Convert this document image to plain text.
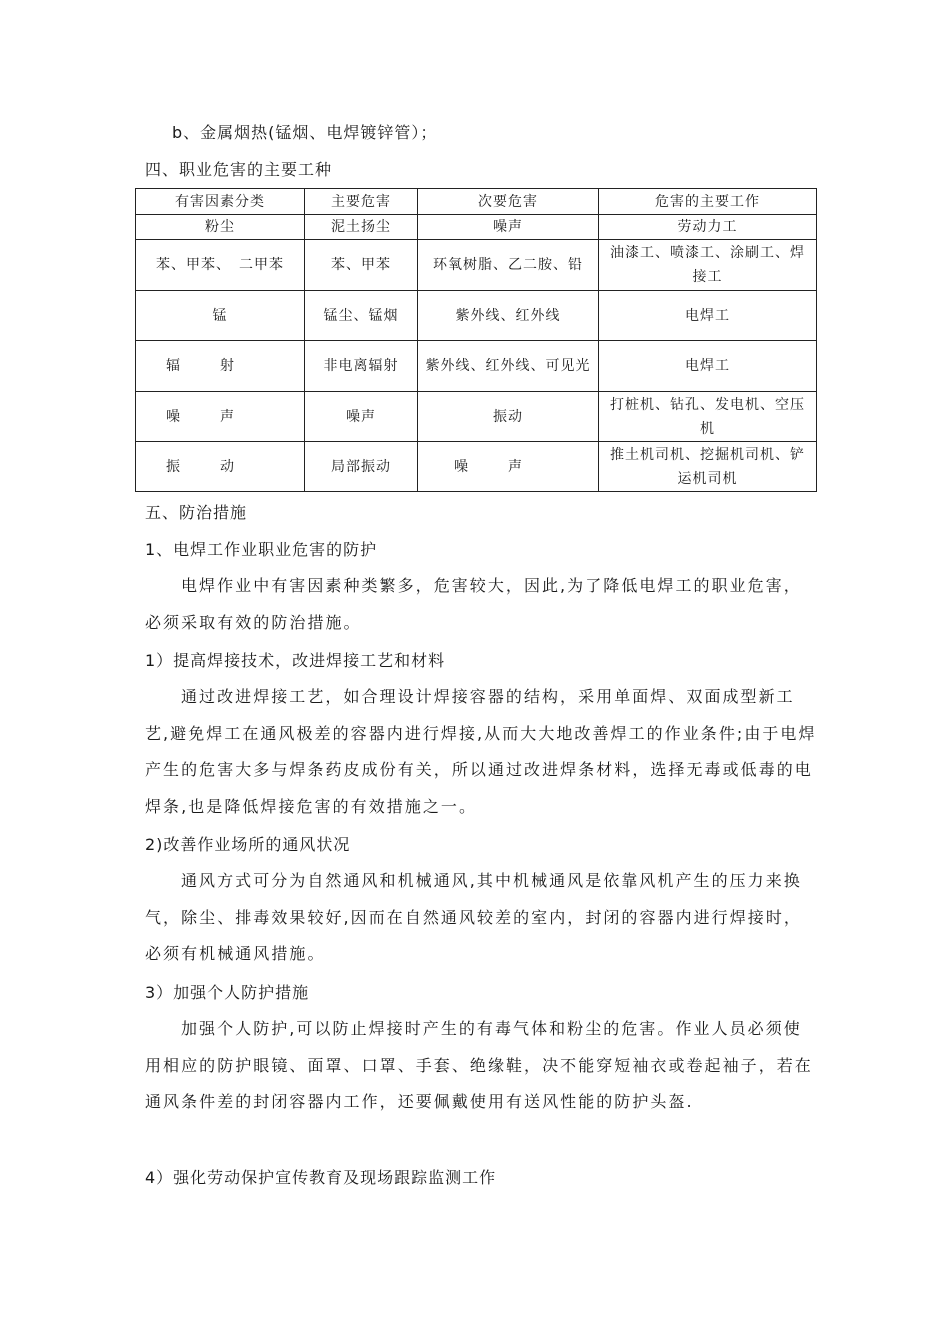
b、金属烟热(锰烟、电焊镀锌管）；
四、职业危害的主要工种
有害因素分类	主要危害	次要危害	危害的主要工作
粉尘	泥土扬尘	噪声	劳动力工
苯、甲苯、　二甲苯	苯、甲苯	环氧树脂、乙二胺、铅	油漆工、喷漆工、涂刷工、焊接工
锰	锰尘、锰烟	紫外线、红外线	电焊工
辐射	非电离辐射	紫外线、红外线、可见光	电焊工
噪声	噪声	振动	打桩机、钻孔、发电机、空压机
振动	局部振动	噪声	推土机司机、挖掘机司机、铲运机司机
五、防治措施
1、电焊工作业职业危害的防护
电焊作业中有害因素种类繁多，危害较大，因此,为了降低电焊工的职业危害，必须采取有效的防治措施。
1）提高焊接技术，改进焊接工艺和材料
通过改进焊接工艺，如合理设计焊接容器的结构，采用单面焊、双面成型新工艺,避免焊工在通风极差的容器内进行焊接,从而大大地改善焊工的作业条件;由于电焊产生的危害大多与焊条药皮成份有关，所以通过改进焊条材料，选择无毒或低毒的电焊条,也是降低焊接危害的有效措施之一。
2)改善作业场所的通风状况
通风方式可分为自然通风和机械通风,其中机械通风是依靠风机产生的压力来换气，除尘、排毒效果较好,因而在自然通风较差的室内，封闭的容器内进行焊接时，必须有机械通风措施。
3）加强个人防护措施
加强个人防护,可以防止焊接时产生的有毒气体和粉尘的危害。作业人员必须使用相应的防护眼镜、面罩、口罩、手套、绝缘鞋，决不能穿短袖衣或卷起袖子，若在通风条件差的封闭容器内工作，还要佩戴使用有送风性能的防护头盔.
4）强化劳动保护宣传教育及现场跟踪监测工作
